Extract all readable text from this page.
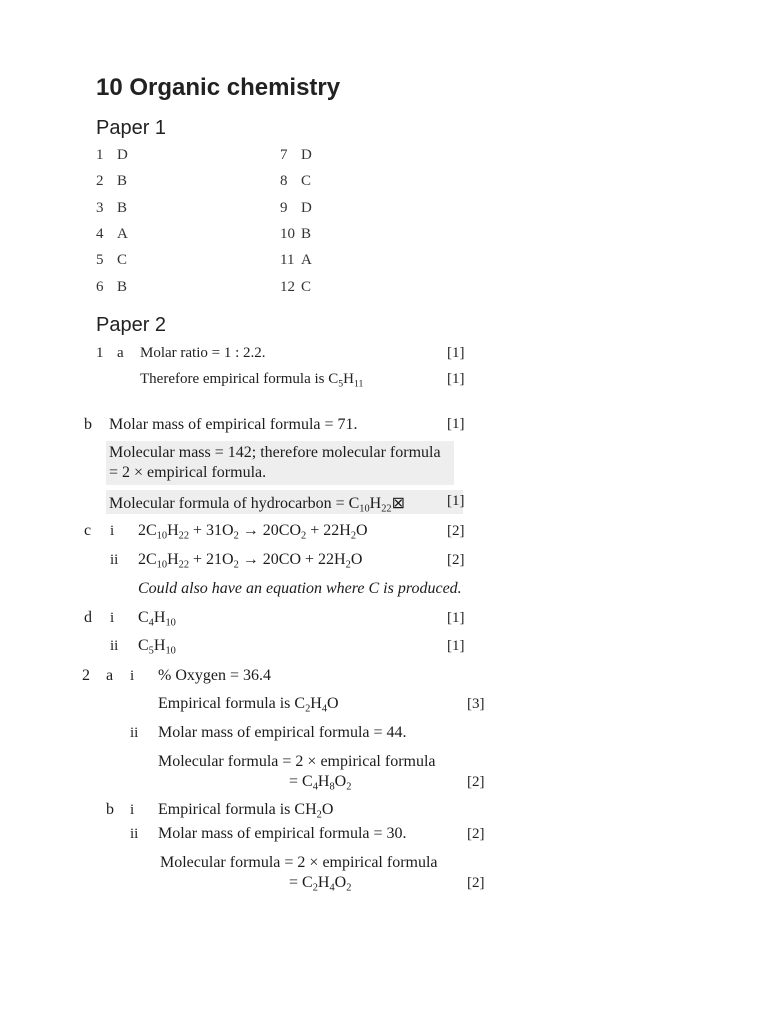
10 Organic chemistry
Paper 1
1 D
2 B
3 B
4 A
5 C
6 B
7 D
8 C
9 D
10 B
11 A
12 C
Paper 2
1 a Molar ratio = 1 : 2.2.	[1]
Therefore empirical formula is $C_5H_{11}$	[1]
b Molar mass of empirical formula = 71.	[1]
Molecular mass = 142; therefore molecular formula
= 2 × empirical formula.
Molecular formula of hydrocarbon = $C_{10}H_{22}⊠$	[1]
c i $2C_{10}H_{22} + 31O_2 \to 20CO_2 + 22H_2O$	[2]
ii $2C_{10}H_{22} + 21O_2 \to 20CO + 22H_2O$	[2]
Could also have an equation where C is produced.
d i $C_4H_{10}$	[1]
ii $C_5H_{10}$	[1]
2 a i % Oxygen = 36.4
Empirical formula is $C_2H_4O$	[3]
ii Molar mass of empirical formula = 44.
Molecular formula = 2 × empirical formula
= $C_4H_8O_2$	[2]
b i Empirical formula is $CH_2O$
ii Molar mass of empirical formula = 30.	[2]
Molecular formula = 2 × empirical formula
= $C_2H_4O_2$	[2]
